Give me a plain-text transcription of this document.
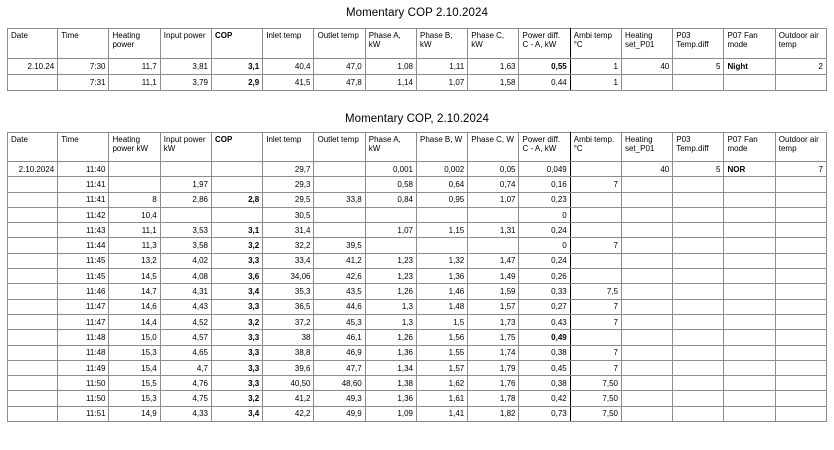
Momentary COP 2.10.2024
Date	Time	Heating power	Input power	COP	Inlet temp	Outlet temp	Phase A, kW	Phase B, kW	Phase C, kW	Power diff. C - A, kW	Ambi temp °C	Heating set_P01	P03 Temp.diff	P07 Fan mode	Outdoor air temp
2.10.24	7:30	11,7	3,81	3,1	40,4	47,0	1,08	1,11	1,63	0,55	1	40	5	Night	2
	7:31	11,1	3,79	2,9	41,5	47,8	1,14	1,07	1,58	0,44	1				
Momentary COP, 2.10.2024
Date	Time	Heating power kW	Input power kW	COP	Inlet temp	Outlet temp	Phase A, kW	Phase B, W	Phase C, W	Power diff. C - A, kW	Ambi temp. °C	Heating set_P01	P03 Temp.diff	P07 Fan mode	Outdoor air temp
2.10.2024	11:40				29,7		0,001	0,002	0,05	0,049		40	5	NOR	7
	11:41		1,97		29,3		0,58	0,64	0,74	0,16	7				
	11:41	8	2,86	2,8	29,5	33,8	0,84	0,95	1,07	0,23					
	11:42	10,4			30,5					0					
	11:43	11,1	3,53	3,1	31,4		1,07	1,15	1,31	0,24					
	11:44	11,3	3,58	3,2	32,2	39,5				0	7				
	11:45	13,2	4,02	3,3	33,4	41,2	1,23	1,32	1,47	0,24					
	11:45	14,5	4,08	3,6	34,06	42,6	1,23	1,36	1,49	0,26					
	11:46	14,7	4,31	3,4	35,3	43,5	1,26	1,46	1,59	0,33	7,5				
	11:47	14,6	4,43	3,3	36,5	44,6	1,3	1,48	1,57	0,27	7				
	11:47	14,4	4,52	3,2	37,2	45,3	1,3	1,5	1,73	0,43	7				
	11:48	15,0	4,57	3,3	38	46,1	1,26	1,56	1,75	0,49					
	11:48	15,3	4,65	3,3	38,8	46,9	1,36	1,55	1,74	0,38	7				
	11:49	15,4	4,7	3,3	39,6	47,7	1,34	1,57	1,79	0,45	7				
	11:50	15,5	4,76	3,3	40,50	48,60	1,38	1,62	1,76	0,38	7,50				
	11:50	15,3	4,75	3,2	41,2	49,3	1,36	1,61	1,78	0,42	7,50				
	11:51	14,9	4,33	3,4	42,2	49,9	1,09	1,41	1,82	0,73	7,50				
